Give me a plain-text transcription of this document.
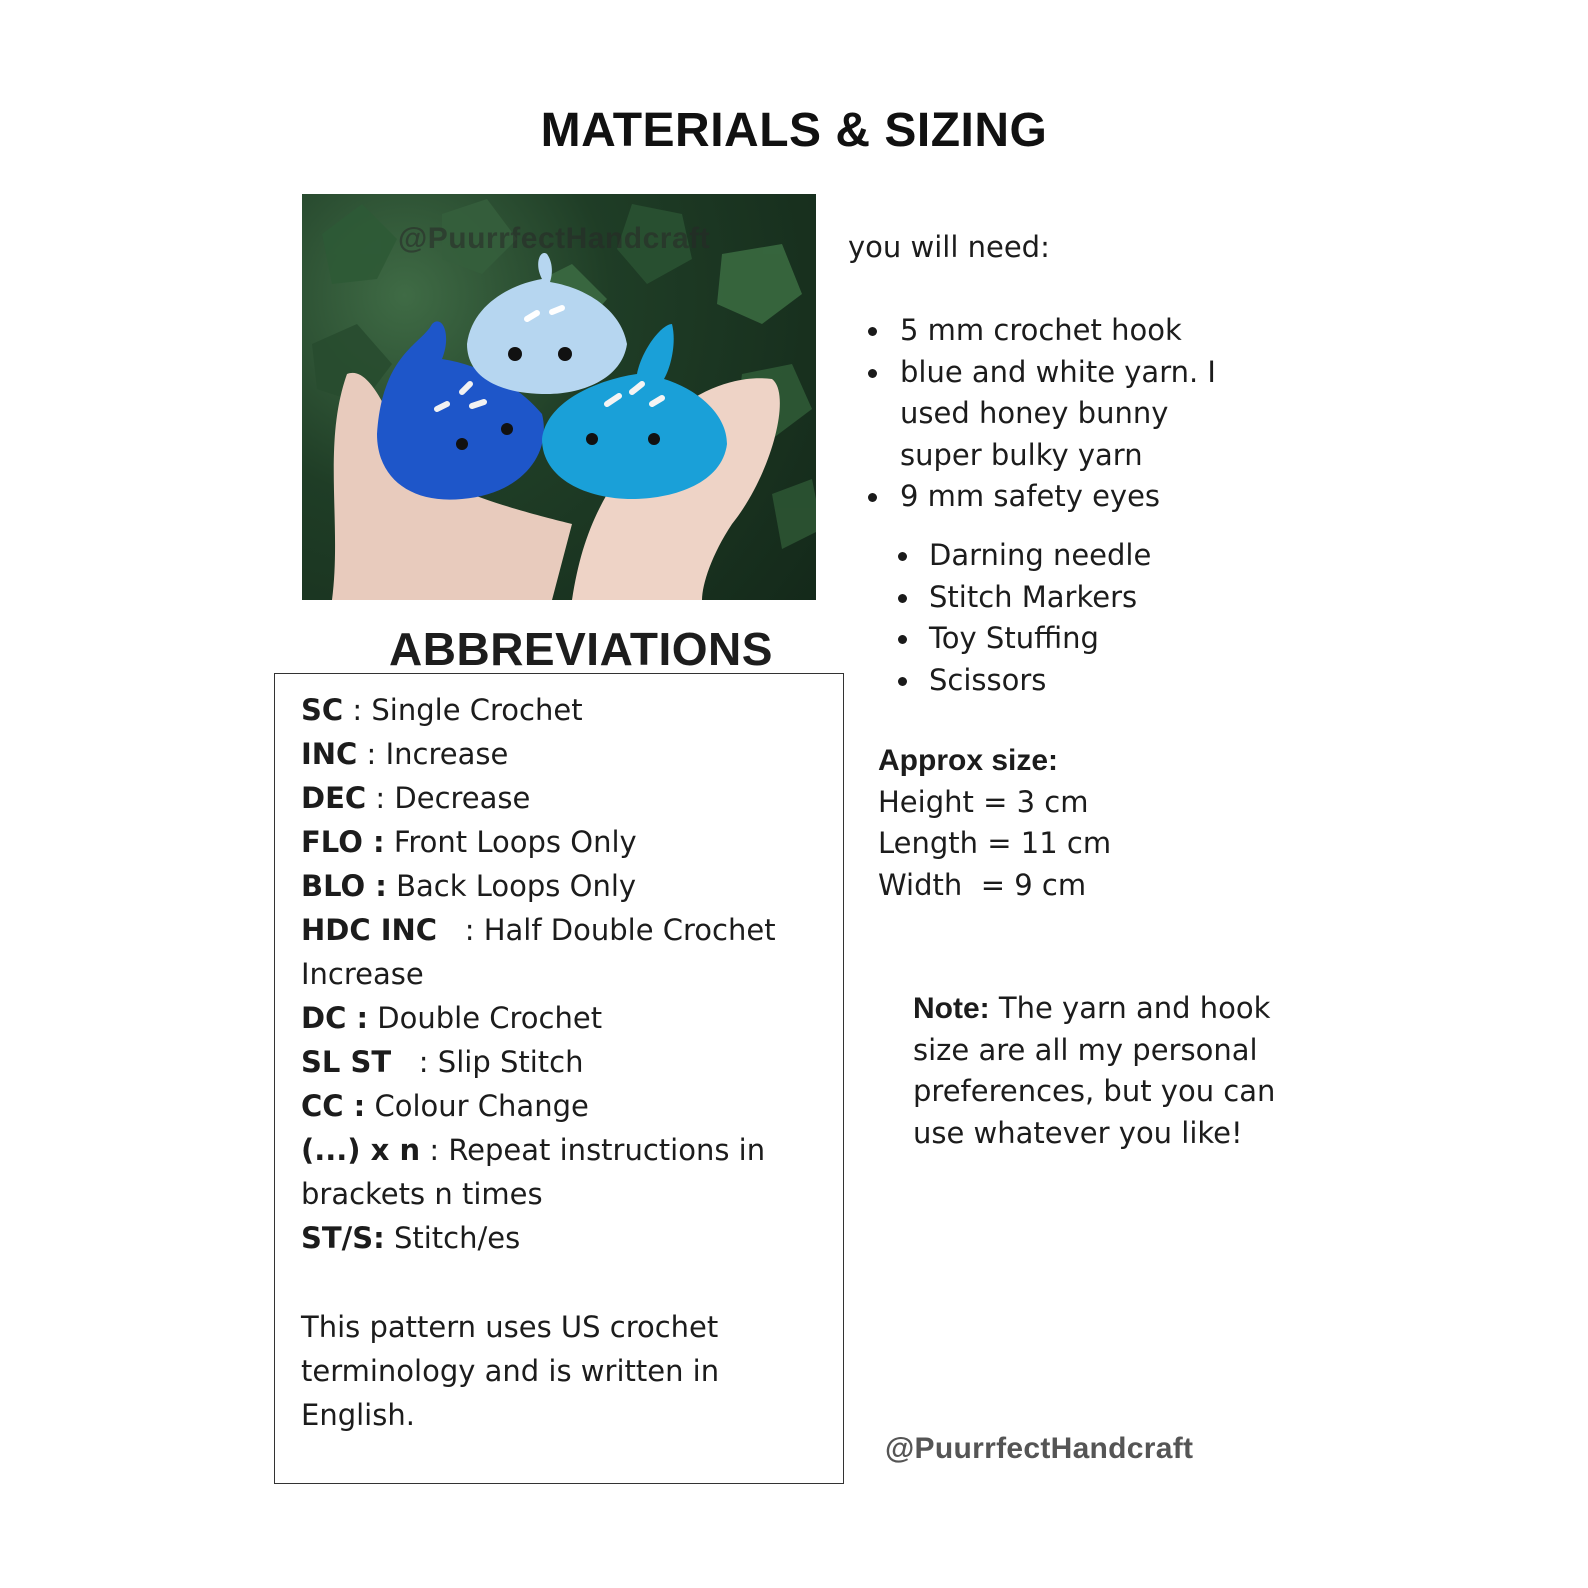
MATERIALS & SIZING
@PuurrfectHandcraft
ABBREVIATIONS
SC : Single Crochet
INC : Increase
DEC : Decrease
FLO : Front Loops Only
BLO : Back Loops Only
HDC INC   : Half Double Crochet Increase
DC : Double Crochet
SL ST   : Slip Stitch
CC : Colour Change
(...) x n : Repeat instructions in brackets n times
ST/S: Stitch/es
This pattern uses US crochet terminology and is written in English.
you will need:
5 mm crochet hook
blue and white yarn. I used honey bunny super bulky yarn
9 mm safety eyes
Darning needle
Stitch Markers
Toy Stuffing
Scissors
Approx size:
Height = 3 cm
Length = 11 cm
Width  = 9 cm
Note: The yarn and hook size are all my personal preferences, but you can use whatever you like!
@PuurrfectHandcraft
